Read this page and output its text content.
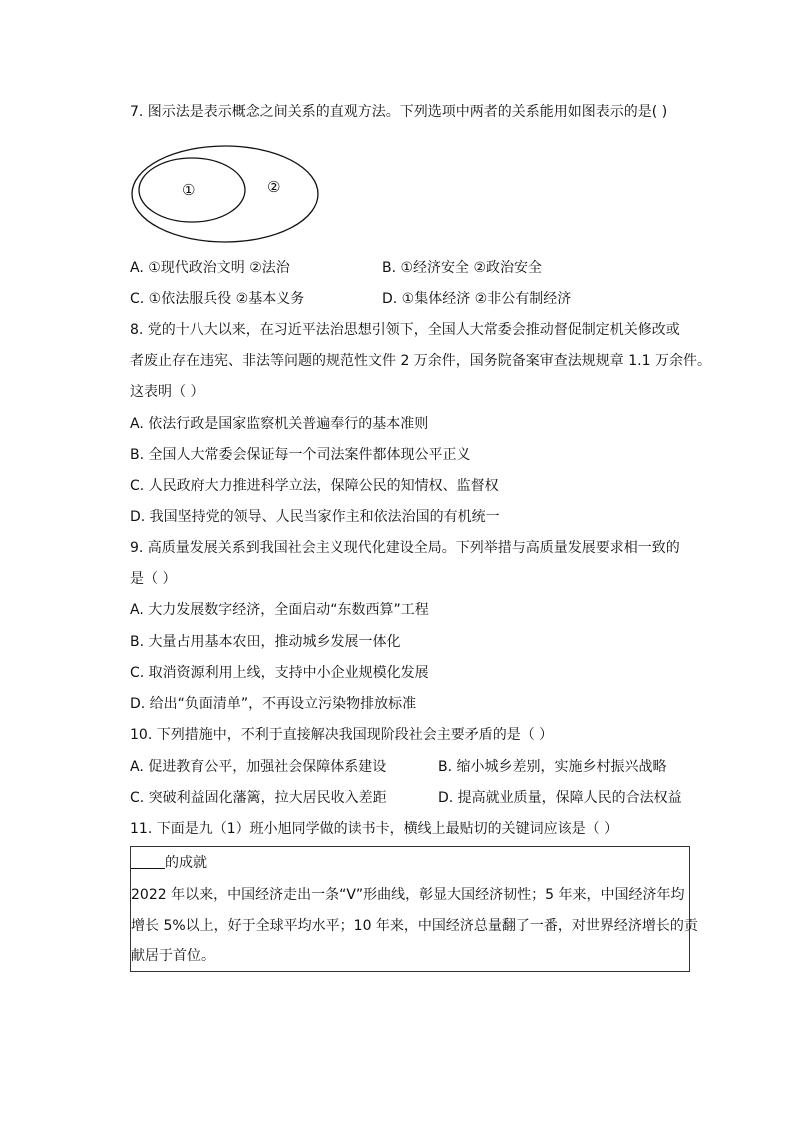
7. 图示法是表示概念之间关系的直观方法。下列选项中两者的关系能用如图表示的是( )
①	②
A. ①现代政治文明 ②法治	B. ①经济安全 ②政治安全
C. ①依法服兵役 ②基本义务	D. ①集体经济 ②非公有制经济
8. 党的十八大以来，在习近平法治思想引领下，全国人大常委会推动督促制定机关修改或
者废止存在违宪、非法等问题的规范性文件 2 万余件，国务院备案审查法规规章 1.1 万余件。
这表明（ ）
A. 依法行政是国家监察机关普遍奉行的基本准则
B. 全国人大常委会保证每一个司法案件都体现公平正义
C. 人民政府大力推进科学立法，保障公民的知情权、监督权
D. 我国坚持党的领导、人民当家作主和依法治国的有机统一
9. 高质量发展关系到我国社会主义现代化建设全局。下列举措与高质量发展要求相一致的
是（ ）
A. 大力发展数字经济，全面启动“东数西算”工程
B. 大量占用基本农田，推动城乡发展一体化
C. 取消资源利用上线，支持中小企业规模化发展
D. 给出“负面清单”，不再设立污染物排放标准
10. 下列措施中，不利于直接解决我国现阶段社会主要矛盾的是（ ）
A. 促进教育公平，加强社会保障体系建设	B. 缩小城乡差别，实施乡村振兴战略
C. 突破利益固化藩篱，拉大居民收入差距	D. 提高就业质量，保障人民的合法权益
11. 下面是九（1）班小旭同学做的读书卡，横线上最贴切的关键词应该是（ ）
的成就
2022 年以来，中国经济走出一条“V”形曲线，彰显大国经济韧性；5 年来，中国经济年均
增长 5%以上，好于全球平均水平；10 年来，中国经济总量翻了一番，对世界经济增长的贡
献居于首位。
